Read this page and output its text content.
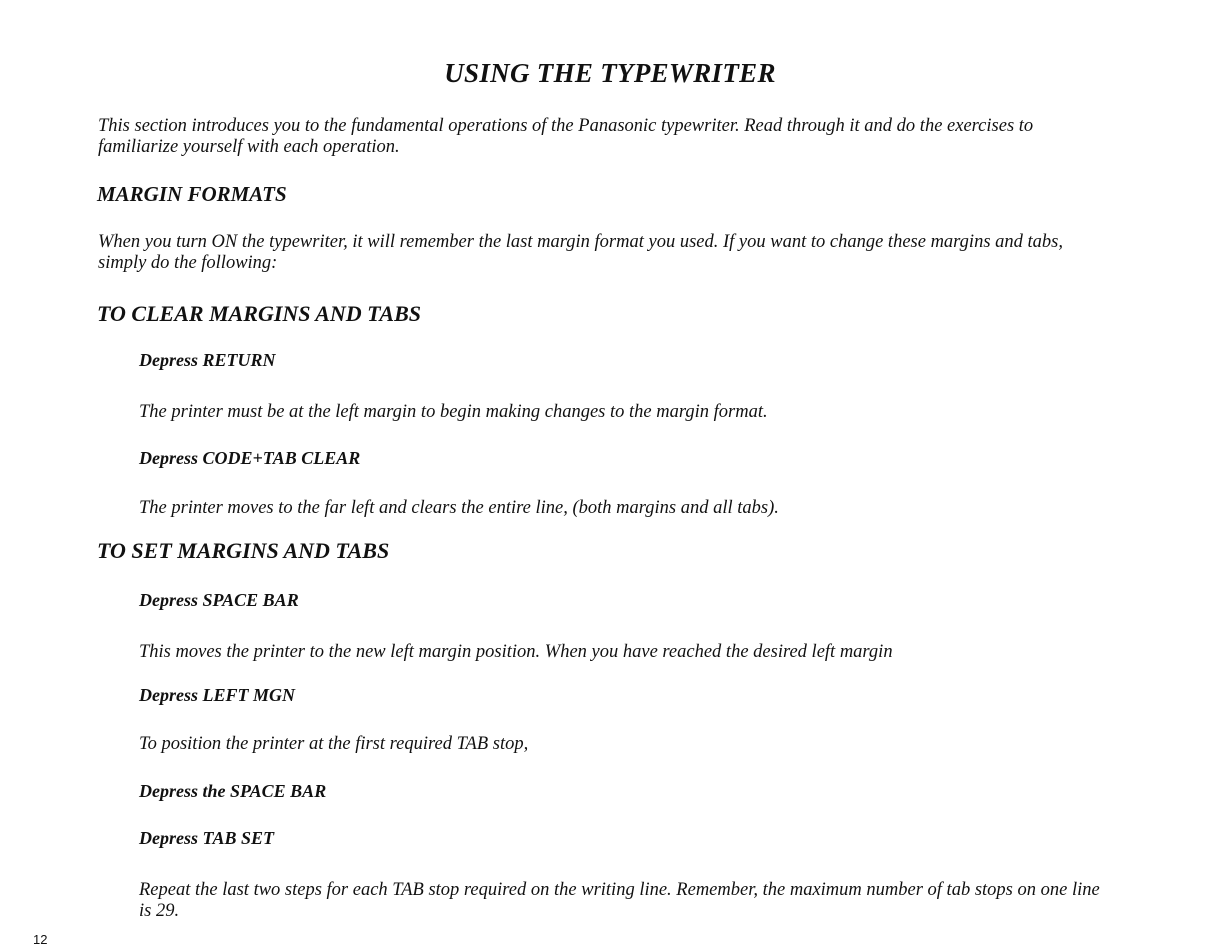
USING THE TYPEWRITER

This section introduces you to the fundamental operations of the Panasonic typewriter. Read through it and do the exercises to familiarize yourself with each operation.

MARGIN FORMATS

When you turn ON the typewriter, it will remember the last margin format you used. If you want to change these margins and tabs, simply do the following:

TO CLEAR MARGINS AND TABS

Depress RETURN

The printer must be at the left margin to begin making changes to the margin format.

Depress CODE+TAB CLEAR

The printer moves to the far left and clears the entire line, (both margins and all tabs).

TO SET MARGINS AND TABS

Depress SPACE BAR

This moves the printer to the new left margin position. When you have reached the desired left margin

Depress LEFT MGN

To position the printer at the first required TAB stop,

Depress the SPACE BAR

Depress TAB SET

Repeat the last two steps for each TAB stop required on the writing line. Remember, the maximum number of tab stops on one line is 29.

12
